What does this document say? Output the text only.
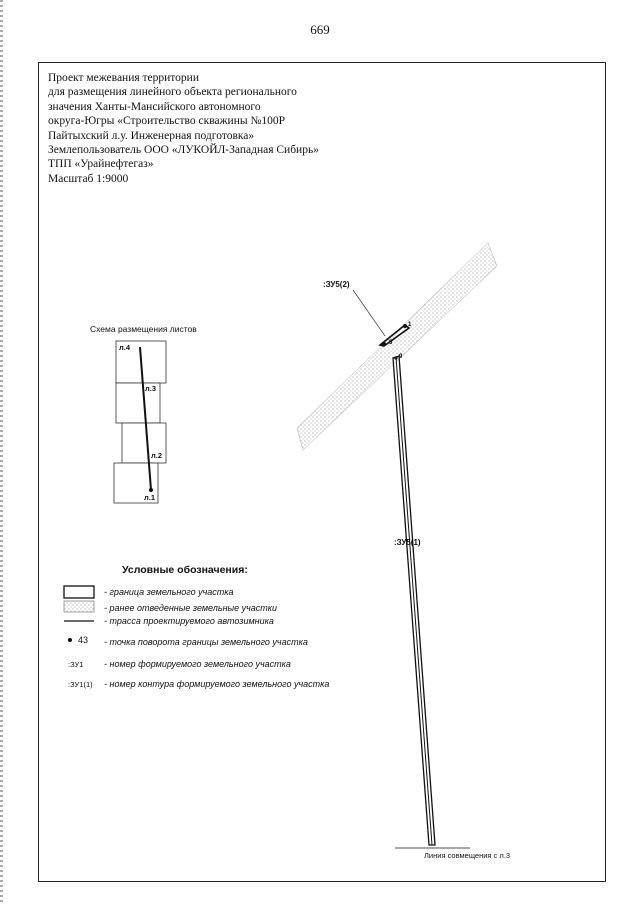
669
Проект межевания территории
для размещения линейного объекта регионального
значения Ханты-Мансийского автономного
округа-Югры «Строительство скважины №100Р
Пайтыхский л.у. Инженерная подготовка»
Землепользователь ООО «ЛУКОЙЛ-Западная Сибирь»
ТПП «Урайнефтегаз»
Масштаб 1:9000
Схема размещения листов
л.4
л.3
л.2
л.1
:ЗУ5(2)
:ЗУ5(1)
1
5
9
Линия совмещения с л.3
Условные обозначения:
- граница земельного участка
- ранее отведенные земельные участки
- трасса проектируемого автозимника
43 - точка поворота границы земельного участка
:ЗУ1 - номер формируемого земельного участка
:ЗУ1(1) - номер контура формируемого земельного участка
